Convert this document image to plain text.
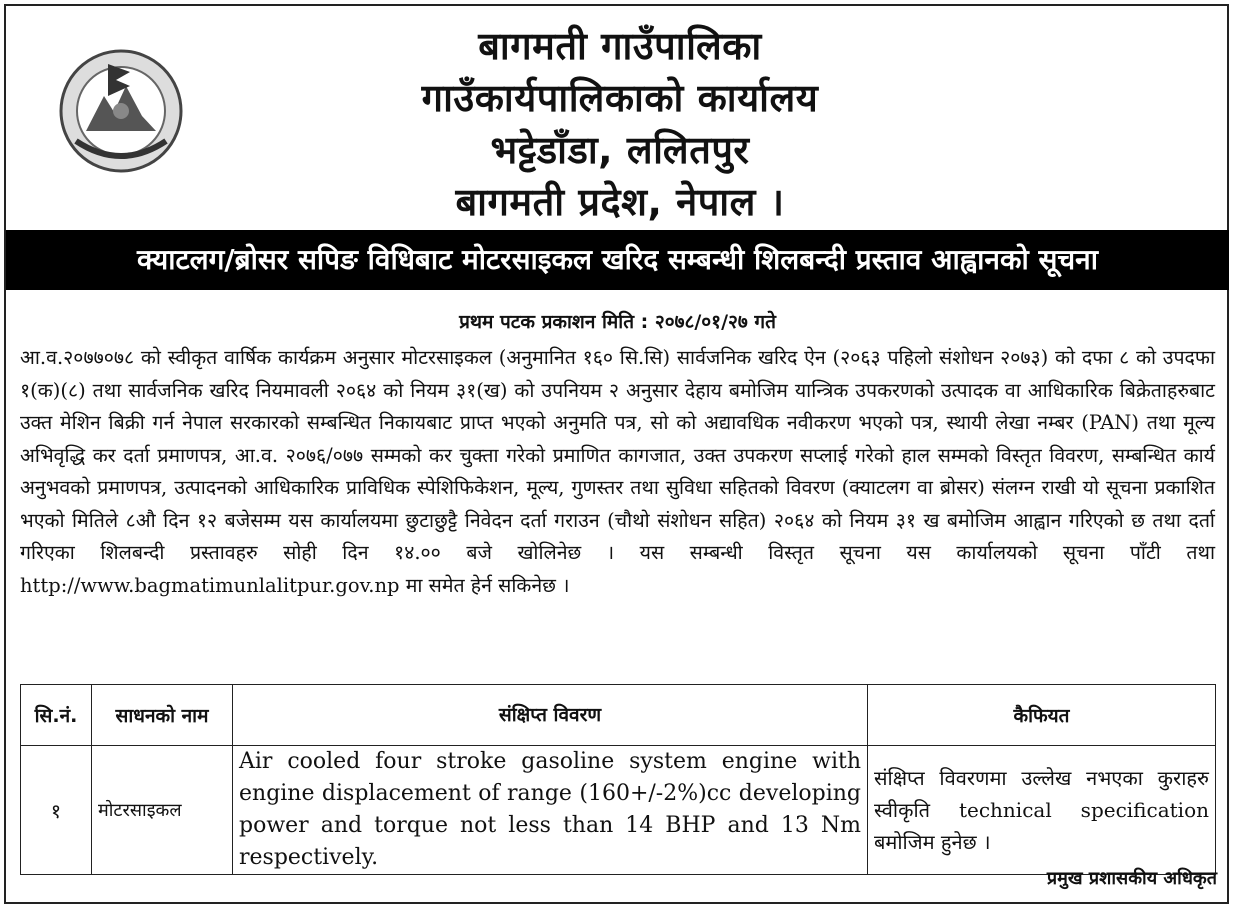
बागमती गाउँपालिका
गाउँकार्यपालिकाको कार्यालय
भट्टेडाँडा, ललितपुर
बागमती प्रदेश, नेपाल ।
क्याटलग/ब्रोसर सपिङ विधिबाट मोटरसाइकल खरिद सम्बन्धी शिलबन्दी प्रस्ताव आह्वानको सूचना
प्रथम पटक प्रकाशन मिति : २०७८/०१/२७ गते
आ.व.२०७७०७८ को स्वीकृत वार्षिक कार्यक्रम अनुसार मोटरसाइकल (अनुमानित १६० सि.सि) सार्वजनिक खरिद ऐन (२०६३ पहिलो संशोधन २०७३) को दफा ८ को उपदफा १(क)(८) तथा सार्वजनिक खरिद नियमावली २०६४ को नियम ३१(ख) को उपनियम २ अनुसार देहाय बमोजिम यान्त्रिक उपकरणको उत्पादक वा आधिकारिक बिक्रेताहरुबाट उक्त मेशिन बिक्री गर्न नेपाल सरकारको सम्बन्धित निकायबाट प्राप्त भएको अनुमति पत्र, सो को अद्यावधिक नवीकरण भएको पत्र, स्थायी लेखा नम्बर (PAN) तथा मूल्य अभिवृद्धि कर दर्ता प्रमाणपत्र, आ.व. २०७६/०७७ सम्मको कर चुक्ता गरेको प्रमाणित कागजात, उक्त उपकरण सप्लाई गरेको हाल सम्मको विस्तृत विवरण, सम्बन्धित कार्य अनुभवको प्रमाणपत्र, उत्पादनको आधिकारिक प्राविधिक स्पेशिफिकेशन, मूल्य, गुणस्तर तथा सुविधा सहितको विवरण (क्याटलग वा ब्रोसर) संलग्न राखी यो सूचना प्रकाशित भएको मितिले ८औ दिन १२ बजेसम्म यस कार्यालयमा छुटाछुट्टै निवेदन दर्ता गराउन (चौथो संशोधन सहित) २०६४ को नियम ३१ ख बमोजिम आह्वान गरिएको छ तथा दर्ता गरिएका शिलबन्दी प्रस्तावहरु सोही दिन १४.०० बजे खोलिनेछ । यस सम्बन्धी विस्तृत सूचना यस कार्यालयको सूचना पाँटी तथा http://www.bagmatimunlalitpur.gov.np मा समेत हेर्न सकिनेछ ।
सि.नं.	साधनको नाम	संक्षिप्त विवरण	कैफियत
१	मोटरसाइकल	Air cooled four stroke gasoline system engine with engine displacement of range (160+/-2%)cc developing power and torque not less than 14 BHP and 13 Nm respectively.	संक्षिप्त विवरणमा उल्लेख नभएका कुराहरु स्वीकृति technical specification बमोजिम हुनेछ ।
प्रमुख प्रशासकीय अधिकृत
